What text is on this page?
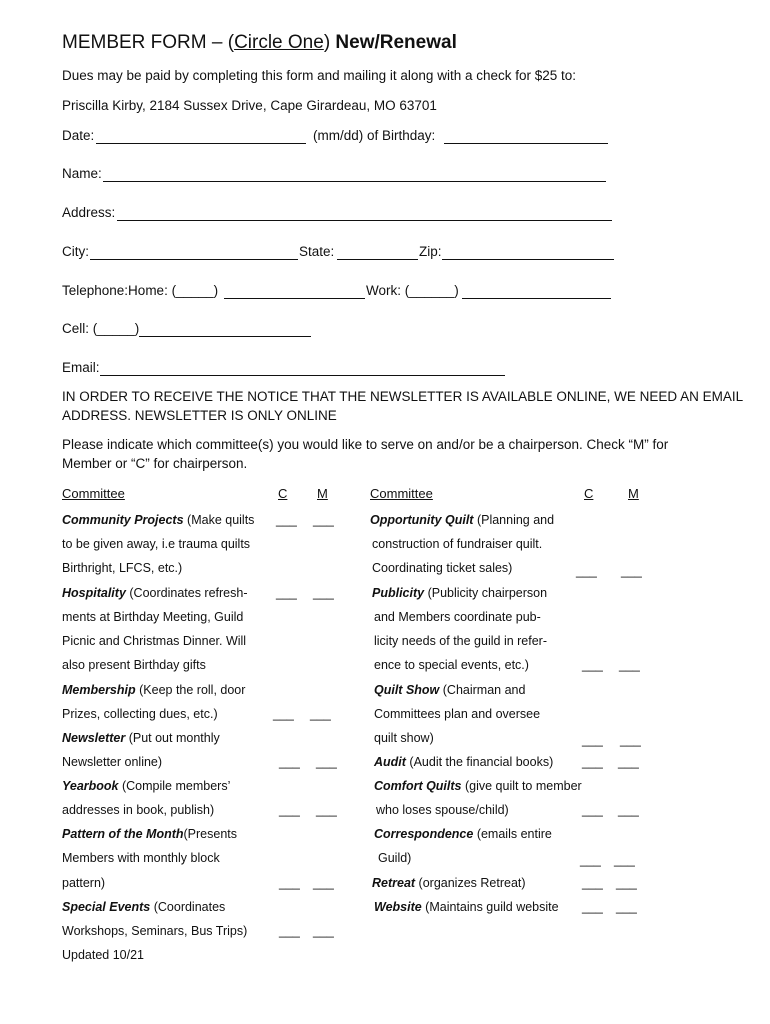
MEMBER FORM – (Circle One) New/Renewal
Dues may be paid by completing this form and mailing it along with a check for $25 to:
Priscilla Kirby, 2184 Sussex Drive, Cape Girardeau, MO 63701
Date:	(mm/dd) of Birthday:
Name:
Address:
City:	State:	Zip:
Telephone:Home: (_____)	Work: (______)
Cell: (_____)
Email:
IN ORDER TO RECEIVE THE NOTICE THAT THE NEWSLETTER IS AVAILABLE ONLINE, WE NEED AN EMAIL
ADDRESS. NEWSLETTER IS ONLY ONLINE
Please indicate which committee(s) you would like to serve on and/or be a chairperson. Check “M” for
Member or “C” for chairperson.
Committee	C M	Committee	C	M
Community Projects (Make quilts
to be given away, i.e trauma quilts
Birthright, LFCS, etc.)
___ ___
Hospitality (Coordinates refresh-
ments at Birthday Meeting, Guild
Picnic and Christmas Dinner. Will
also present Birthday gifts
___ ___
Membership (Keep the roll, door
Prizes, collecting dues, etc.)	___ ___
Newsletter (Put out monthly
Newsletter online)	___ ___
Yearbook (Compile members’
addresses in book, publish)	___ ___
Pattern of the Month(Presents
Members with monthly block
pattern)	___ ___
Special Events (Coordinates
Workshops, Seminars, Bus Trips)	___ ___
Opportunity Quilt (Planning and
construction of fundraiser quilt.
Coordinating ticket sales)	___ ___
Publicity (Publicity chairperson
and Members coordinate pub-
licity needs of the guild in refer-
ence to special events, etc.)	___ ___
Quilt Show (Chairman and
Committees plan and oversee
quilt show)	___ ___
Audit (Audit the financial books) ___ ___
Comfort Quilts (give quilt to member
who loses spouse/child)	___ ___
Correspondence (emails entire
Guild)	___ ___
Retreat (organizes Retreat)	___ ___
Website (Maintains guild website ___ ___
Updated 10/21
